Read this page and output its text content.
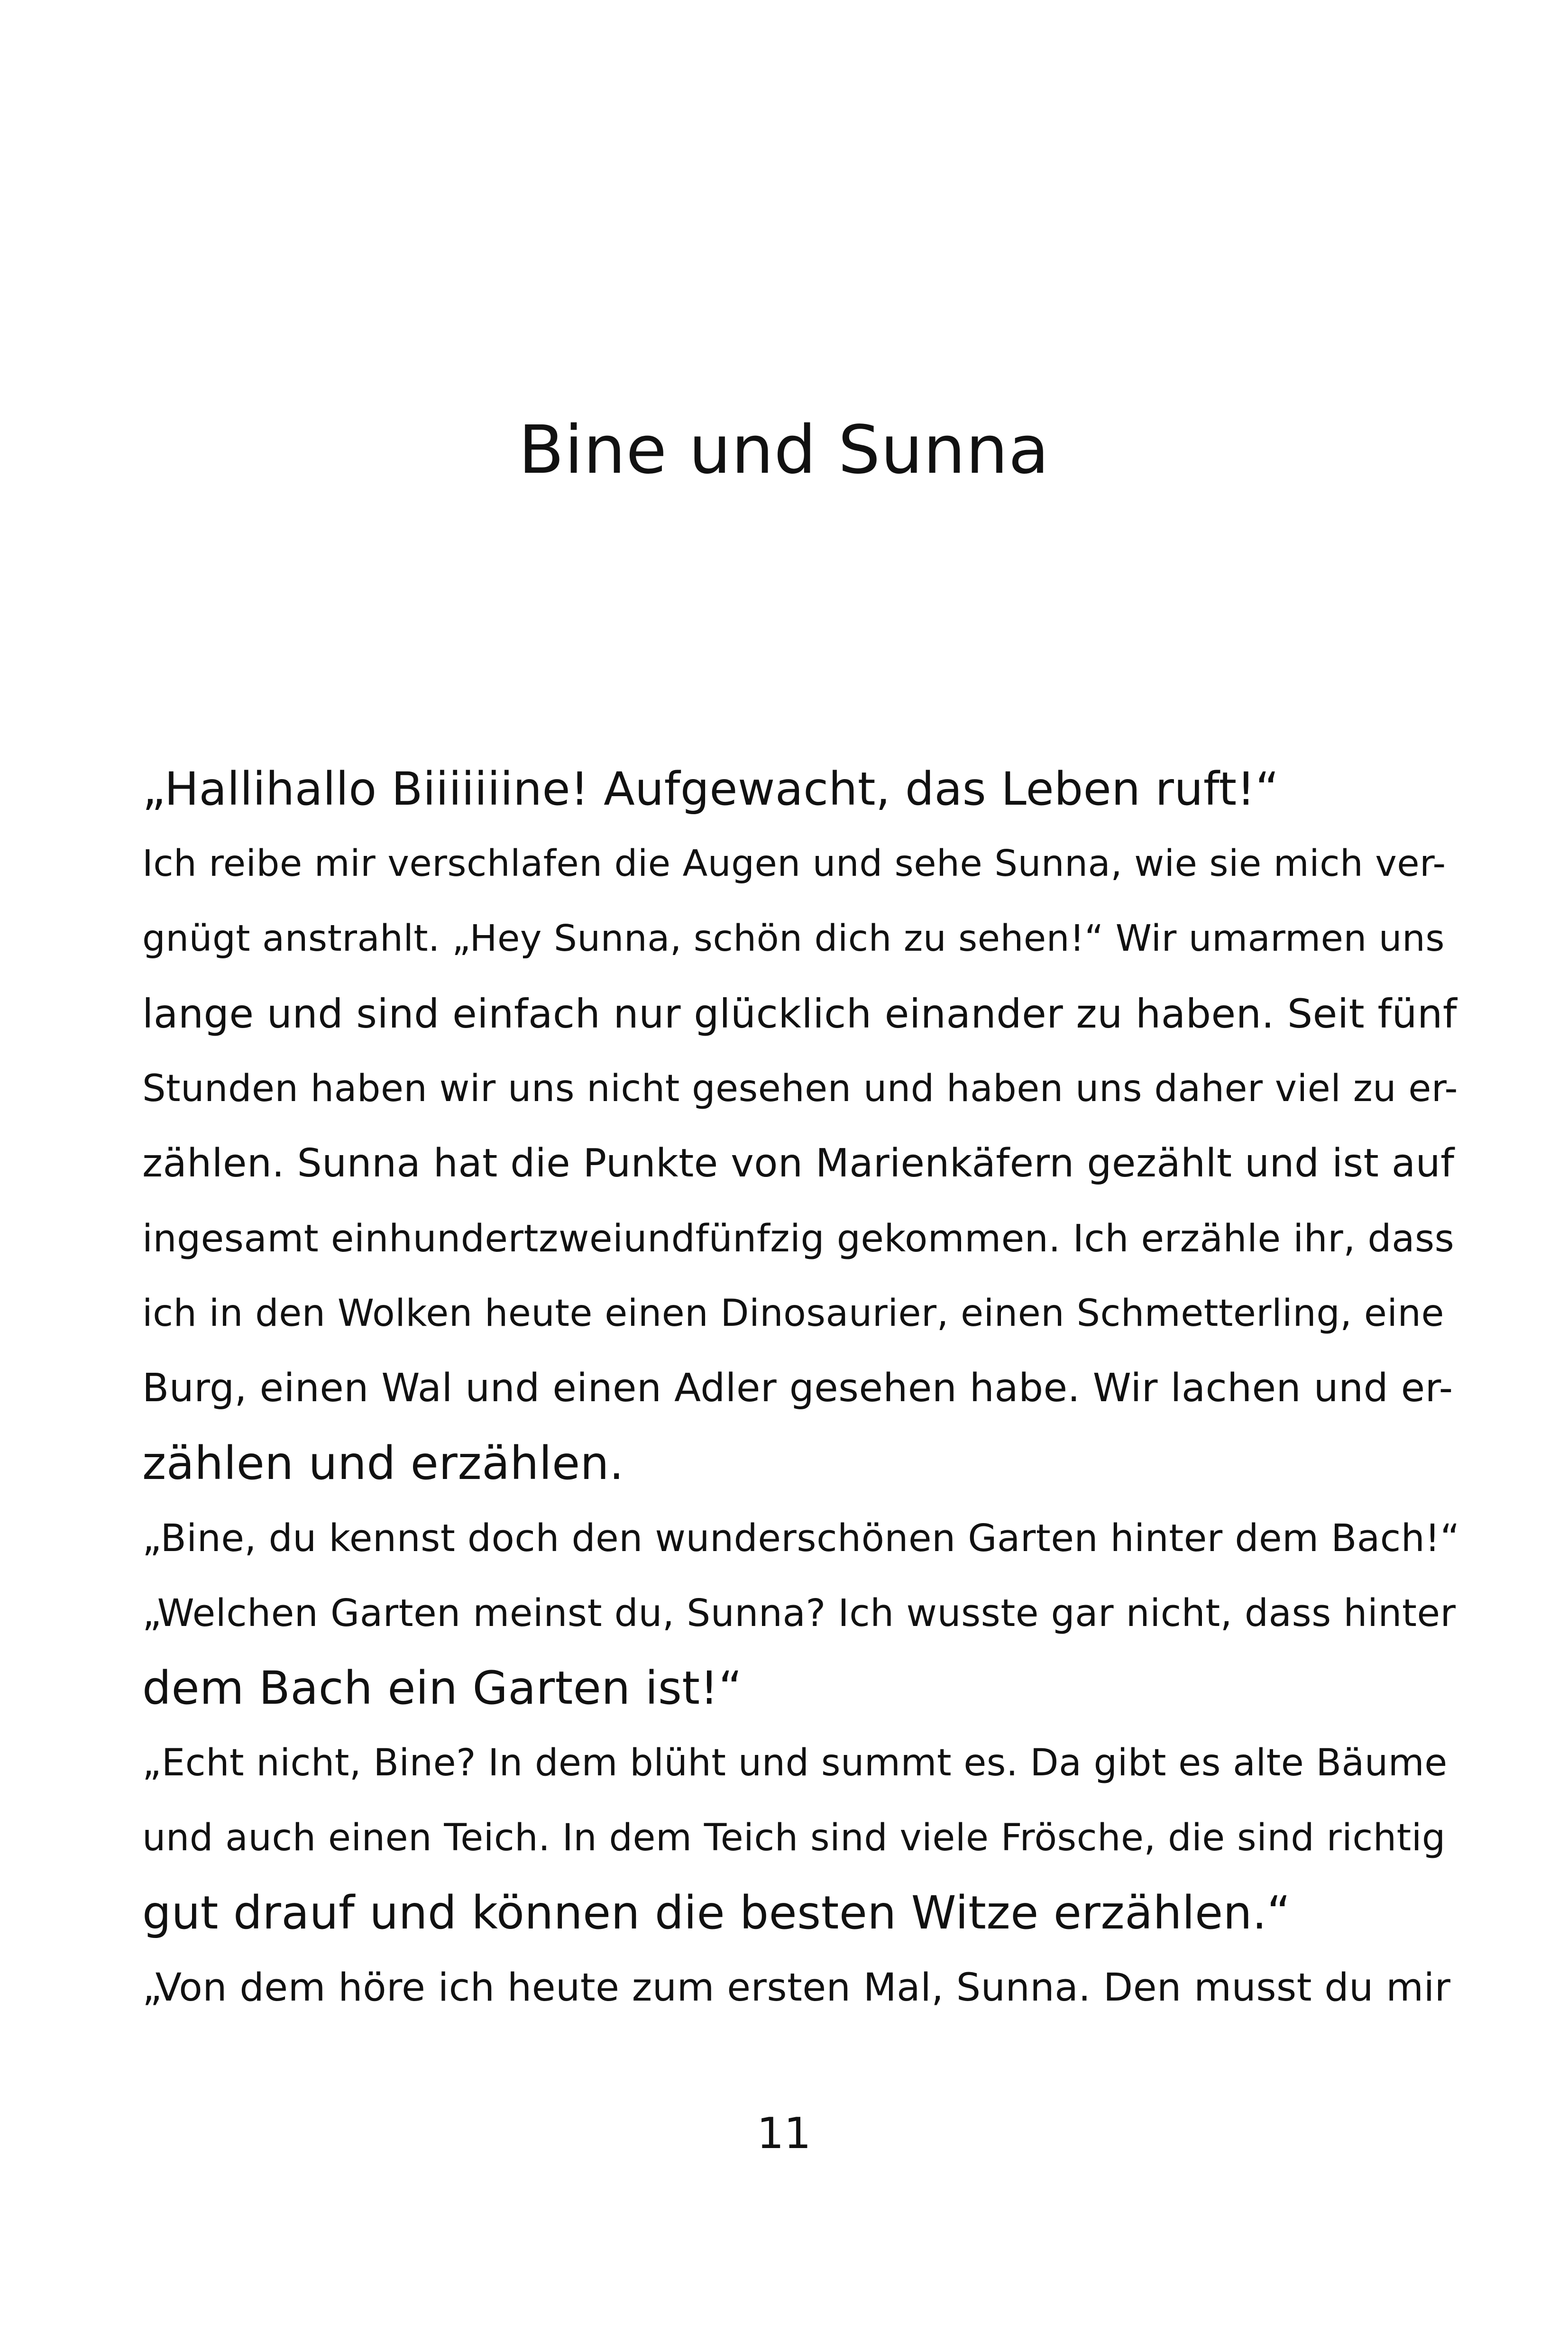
Bine und Sunna
„Hallihallo Biiiiiiine! Aufgewacht, das Leben ruft!“
Ich reibe mir verschlafen die Augen und sehe Sunna, wie sie mich ver-
gnügt anstrahlt. „Hey Sunna, schön dich zu sehen!“ Wir umarmen uns
lange und sind einfach nur glücklich einander zu haben. Seit fünf
Stunden haben wir uns nicht gesehen und haben uns daher viel zu er-
zählen. Sunna hat die Punkte von Marienkäfern gezählt und ist auf
ingesamt einhundertzweiundfünfzig gekommen. Ich erzähle ihr, dass
ich in den Wolken heute einen Dinosaurier, einen Schmetterling, eine
Burg, einen Wal und einen Adler gesehen habe. Wir lachen und er-
zählen und erzählen.
„Bine, du kennst doch den wunderschönen Garten hinter dem Bach!“
„Welchen Garten meinst du, Sunna? Ich wusste gar nicht, dass hinter
dem Bach ein Garten ist!“
„Echt nicht, Bine? In dem blüht und summt es. Da gibt es alte Bäume
und auch einen Teich. In dem Teich sind viele Frösche, die sind richtig
gut drauf und können die besten Witze erzählen.“
„Von dem höre ich heute zum ersten Mal, Sunna. Den musst du mir
11
